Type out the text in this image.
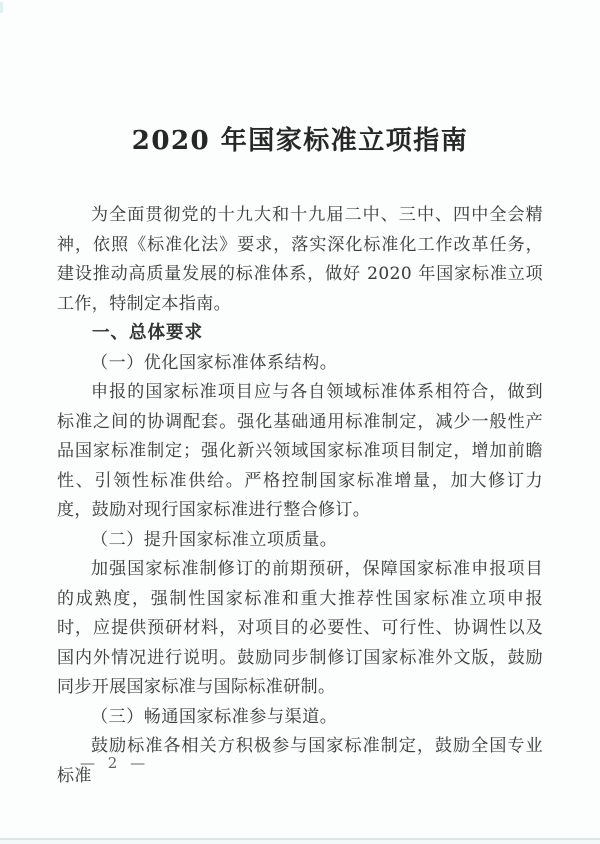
2020 年国家标准立项指南

为全面贯彻党的十九大和十九届二中、三中、四中全会精神，依照《标准化法》要求，落实深化标准化工作改革任务，建设推动高质量发展的标准体系，做好 2020 年国家标准立项工作，特制定本指南。

一、总体要求

（一）优化国家标准体系结构。

申报的国家标准项目应与各自领域标准体系相符合，做到标准之间的协调配套。强化基础通用标准制定，减少一般性产品国家标准制定；强化新兴领域国家标准项目制定，增加前瞻性、引领性标准供给。严格控制国家标准增量，加大修订力度，鼓励对现行国家标准进行整合修订。

（二）提升国家标准立项质量。

加强国家标准制修订的前期预研，保障国家标准申报项目的成熟度，强制性国家标准和重大推荐性国家标准立项申报时，应提供预研材料，对项目的必要性、可行性、协调性以及国内外情况进行说明。鼓励同步制修订国家标准外文版，鼓励同步开展国家标准与国际标准研制。

（三）畅通国家标准参与渠道。

鼓励标准各相关方积极参与国家标准制定，鼓励全国专业标准

— 2 —
